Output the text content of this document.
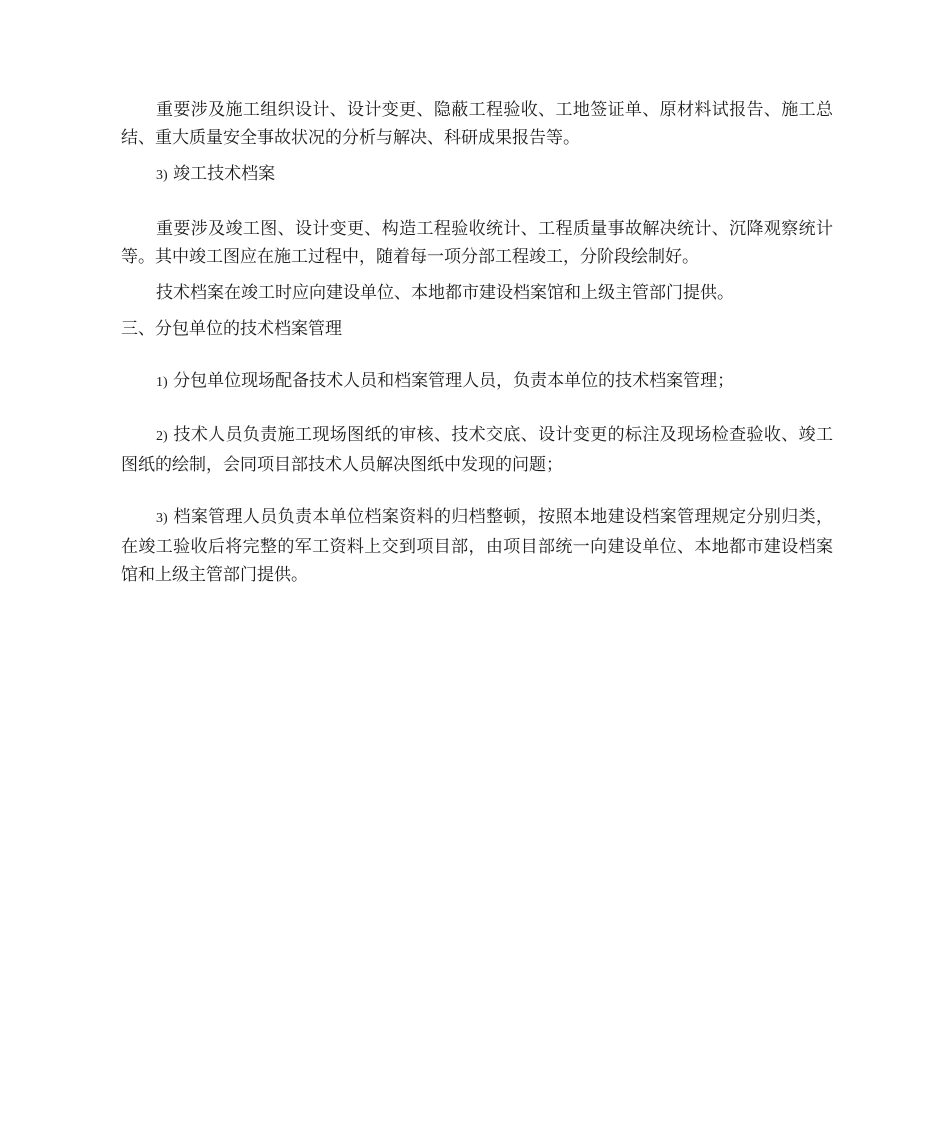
重要涉及施工组织设计、设计变更、隐蔽工程验收、工地签证单、原材料试报告、施工总结、重大质量安全事故状况的分析与解决、科研成果报告等。

3) 竣工技术档案

重要涉及竣工图、设计变更、构造工程验收统计、工程质量事故解决统计、沉降观察统计等。其中竣工图应在施工过程中，随着每一项分部工程竣工，分阶段绘制好。

技术档案在竣工时应向建设单位、本地都市建设档案馆和上级主管部门提供。

三、分包单位的技术档案管理

1) 分包单位现场配备技术人员和档案管理人员，负责本单位的技术档案管理；

2) 技术人员负责施工现场图纸的审核、技术交底、设计变更的标注及现场检查验收、竣工图纸的绘制，会同项目部技术人员解决图纸中发现的问题；

3) 档案管理人员负责本单位档案资料的归档整顿，按照本地建设档案管理规定分别归类，在竣工验收后将完整的军工资料上交到项目部，由项目部统一向建设单位、本地都市建设档案馆和上级主管部门提供。
